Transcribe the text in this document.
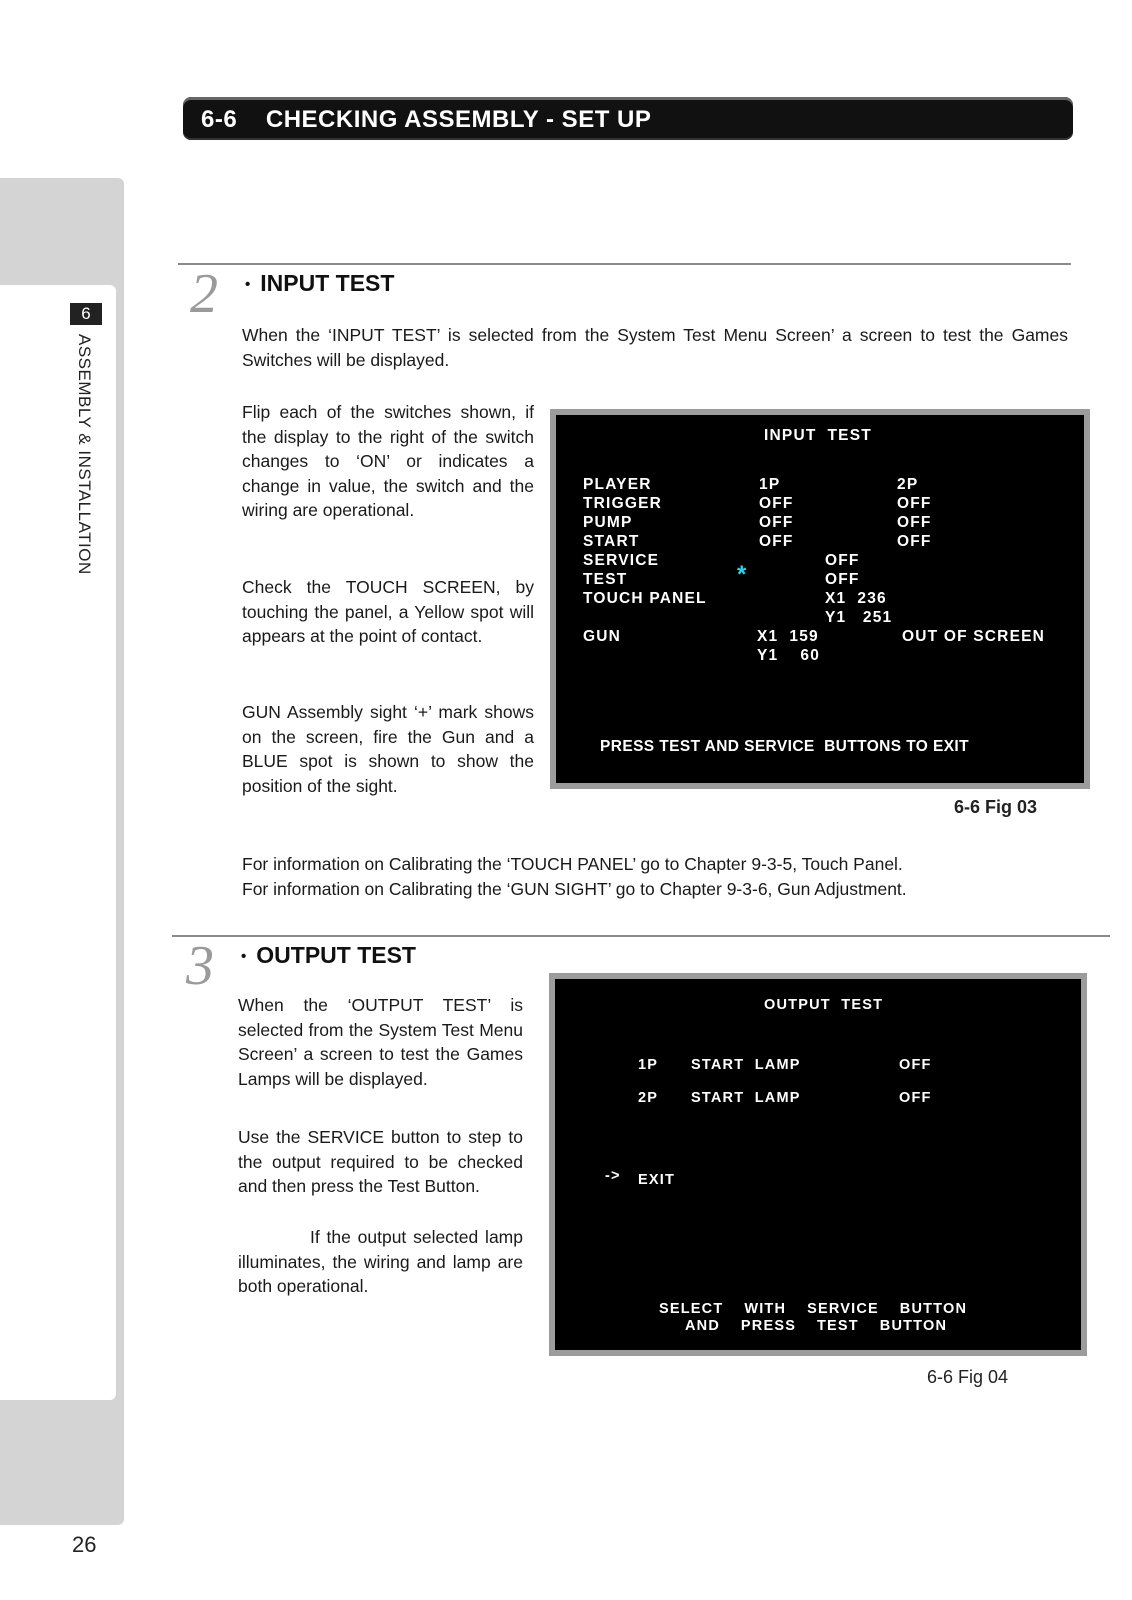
6
ASSEMBLY & INSTALLATION
26
6-6 CHECKING ASSEMBLY - SET UP
2 • INPUT TEST
When the ‘INPUT TEST’ is selected from the System Test Menu Screen’ a screen to test the Games Switches will be displayed.
Flip each of the switches shown, if the display to the right of the switch changes to ‘ON’ or indicates a change in value, the switch and the wiring are operational.
Check the TOUCH SCREEN, by touching the panel, a Yellow spot will appears at the point of contact.
GUN Assembly sight ‘+’ mark shows on the screen, fire the Gun and a BLUE spot is shown to show the position of the sight.
INPUT  TEST
PLAYER	1P	2P
TRIGGER	OFF	OFF
PUMP	OFF	OFF
START	OFF	OFF
SERVICE	OFF
*
TEST	OFF
TOUCH PANEL	X1  236
Y1   251
GUN	X1  159	OUT OF SCREEN
Y1    60
PRESS TEST AND SERVICE  BUTTONS TO EXIT
6-6 Fig 03
For information on Calibrating the ‘TOUCH PANEL’ go to Chapter 9-3-5, Touch Panel.
For information on Calibrating the ‘GUN SIGHT’ go to Chapter 9-3-6, Gun Adjustment.
3 • OUTPUT TEST
When the ‘OUTPUT TEST’ is selected from the System Test Menu Screen’ a screen to test the Games Lamps will be displayed.
Use the SERVICE button to step to the output required to be checked and then press the Test Button.
If the output selected lamp illuminates, the wiring and lamp are both operational.
OUTPUT  TEST
1P START  LAMP	OFF
2P START  LAMP	OFF
-> EXIT
SELECT    WITH    SERVICE    BUTTON
AND    PRESS    TEST    BUTTON
6-6 Fig 04
